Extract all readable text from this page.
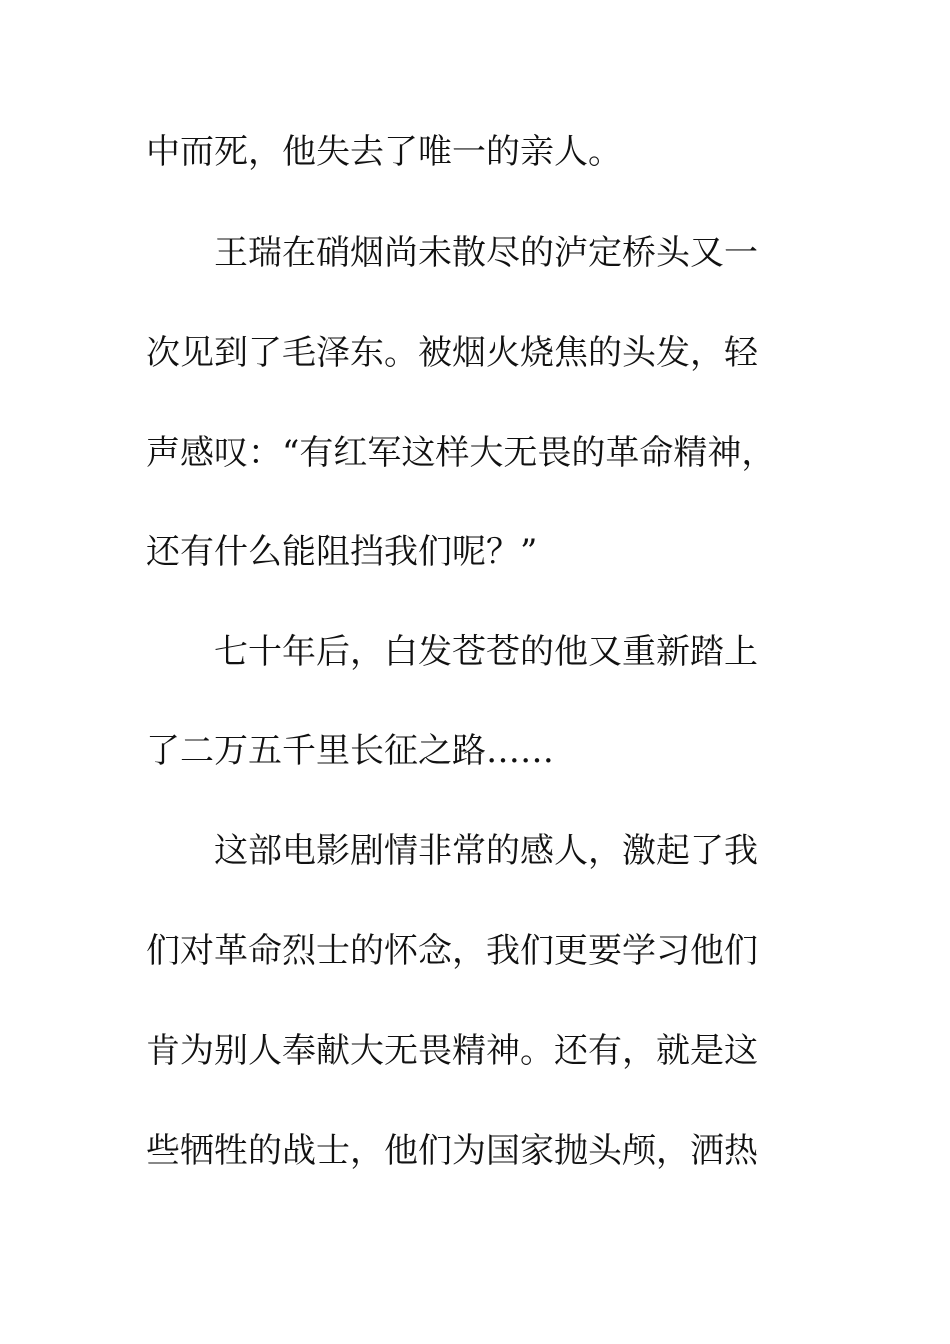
中而死，他失去了唯一的亲人。
　　王瑞在硝烟尚未散尽的泸定桥头又一
次见到了毛泽东。被烟火烧焦的头发，轻
声感叹：“有红军这样大无畏的革命精神，
还有什么能阻挡我们呢？”
　　七十年后，白发苍苍的他又重新踏上
了二万五千里长征之路……
　　这部电影剧情非常的感人，激起了我
们对革命烈士的怀念，我们更要学习他们
肯为别人奉献大无畏精神。还有，就是这
些牺牲的战士，他们为国家抛头颅，洒热
